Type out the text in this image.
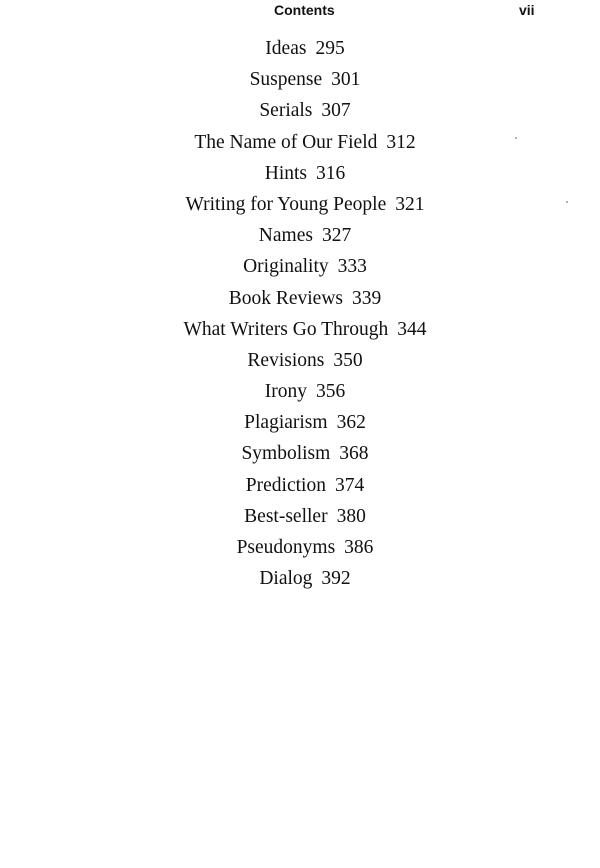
Contents	vii
Ideas 295
Suspense 301
Serials 307
The Name of Our Field 312
Hints 316
Writing for Young People 321
Names 327
Originality 333
Book Reviews 339
What Writers Go Through 344
Revisions 350
Irony 356
Plagiarism 362
Symbolism 368
Prediction 374
Best-seller 380
Pseudonyms 386
Dialog 392
